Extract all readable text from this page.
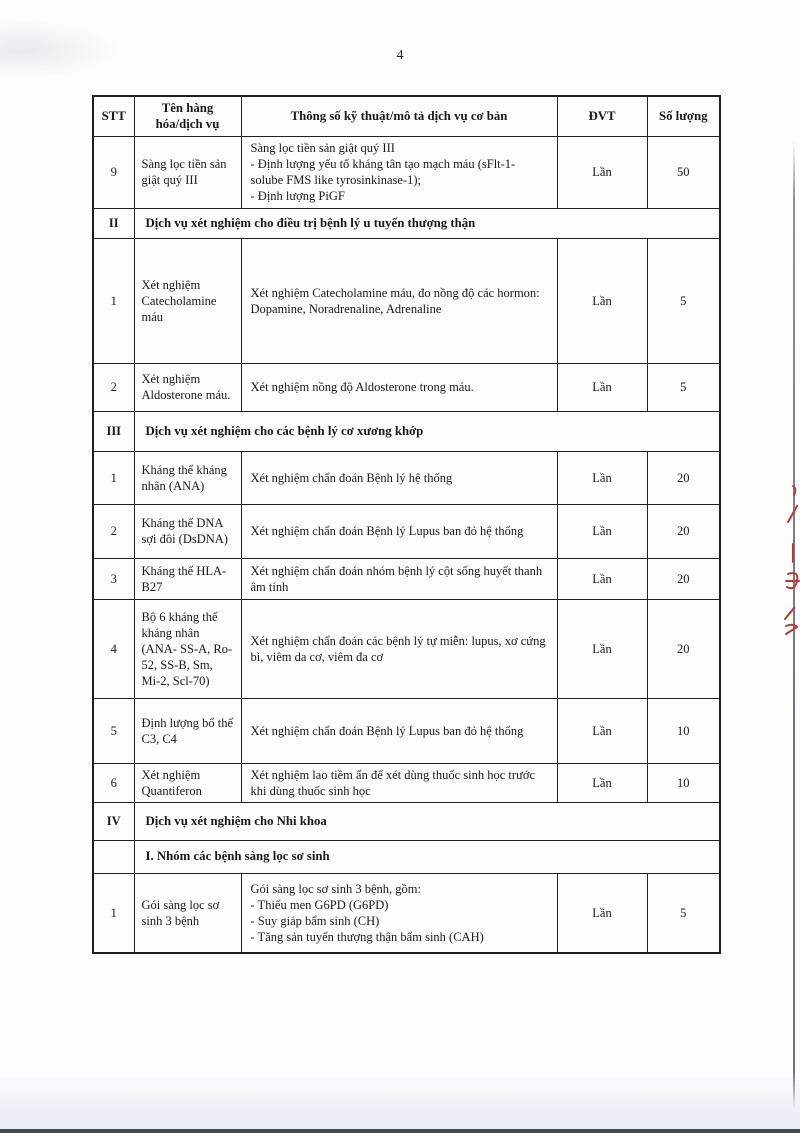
4
STT	Tên hàng hóa/dịch vụ	Thông số kỹ thuật/mô tả dịch vụ cơ bản	ĐVT	Số lượng
9	Sàng lọc tiền sản giật quý III	Sàng lọc tiền sản giật quý III
- Định lượng yếu tố kháng tân tạo mạch máu (sFlt-1-solube FMS like tyrosinkinase-1);
- Định lượng PiGF	Lần	50
II	Dịch vụ xét nghiệm cho điều trị bệnh lý u tuyến thượng thận			
1	Xét nghiệm Catecholamine máu	Xét nghiệm Catecholamine máu, đo nồng độ các hormon: Dopamine, Noradrenaline, Adrenaline	Lần	5
2	Xét nghiệm Aldosterone máu.	Xét nghiệm nồng độ Aldosterone trong máu.	Lần	5
III	Dịch vụ xét nghiệm cho các bệnh lý cơ xương khớp			
1	Kháng thể kháng nhân (ANA)	Xét nghiệm chẩn đoán Bệnh lý hệ thống	Lần	20
2	Kháng thể DNA sợi đôi (DsDNA)	Xét nghiệm chẩn đoán Bệnh lý Lupus ban đỏ hệ thống	Lần	20
3	Kháng thể HLA-B27	Xét nghiệm chẩn đoán nhóm bệnh lý cột sống huyết thanh âm tính	Lần	20
4	Bộ 6 kháng thể kháng nhân (ANA- SS-A, Ro-52, SS-B, Sm, Mi-2, Scl-70)	Xét nghiệm chẩn đoán các bệnh lý tự miễn: lupus, xơ cứng bì, viêm da cơ, viêm đa cơ	Lần	20
5	Định lượng bổ thể C3, C4	Xét nghiệm chẩn đoán Bệnh lý Lupus ban đỏ hệ thống	Lần	10
6	Xét nghiệm Quantiferon	Xét nghiệm lao tiềm ẩn để xét dùng thuốc sinh học trước khi dùng thuốc sinh học	Lần	10
IV	Dịch vụ xét nghiệm cho Nhi khoa			
	I. Nhóm các bệnh sàng lọc sơ sinh			
1	Gói sàng lọc sơ sinh 3 bệnh	Gói sàng lọc sơ sinh 3 bệnh, gồm:
- Thiếu men G6PD (G6PD)
- Suy giáp bẩm sinh (CH)
- Tăng sản tuyến thượng thận bẩm sinh (CAH)	Lần	5
